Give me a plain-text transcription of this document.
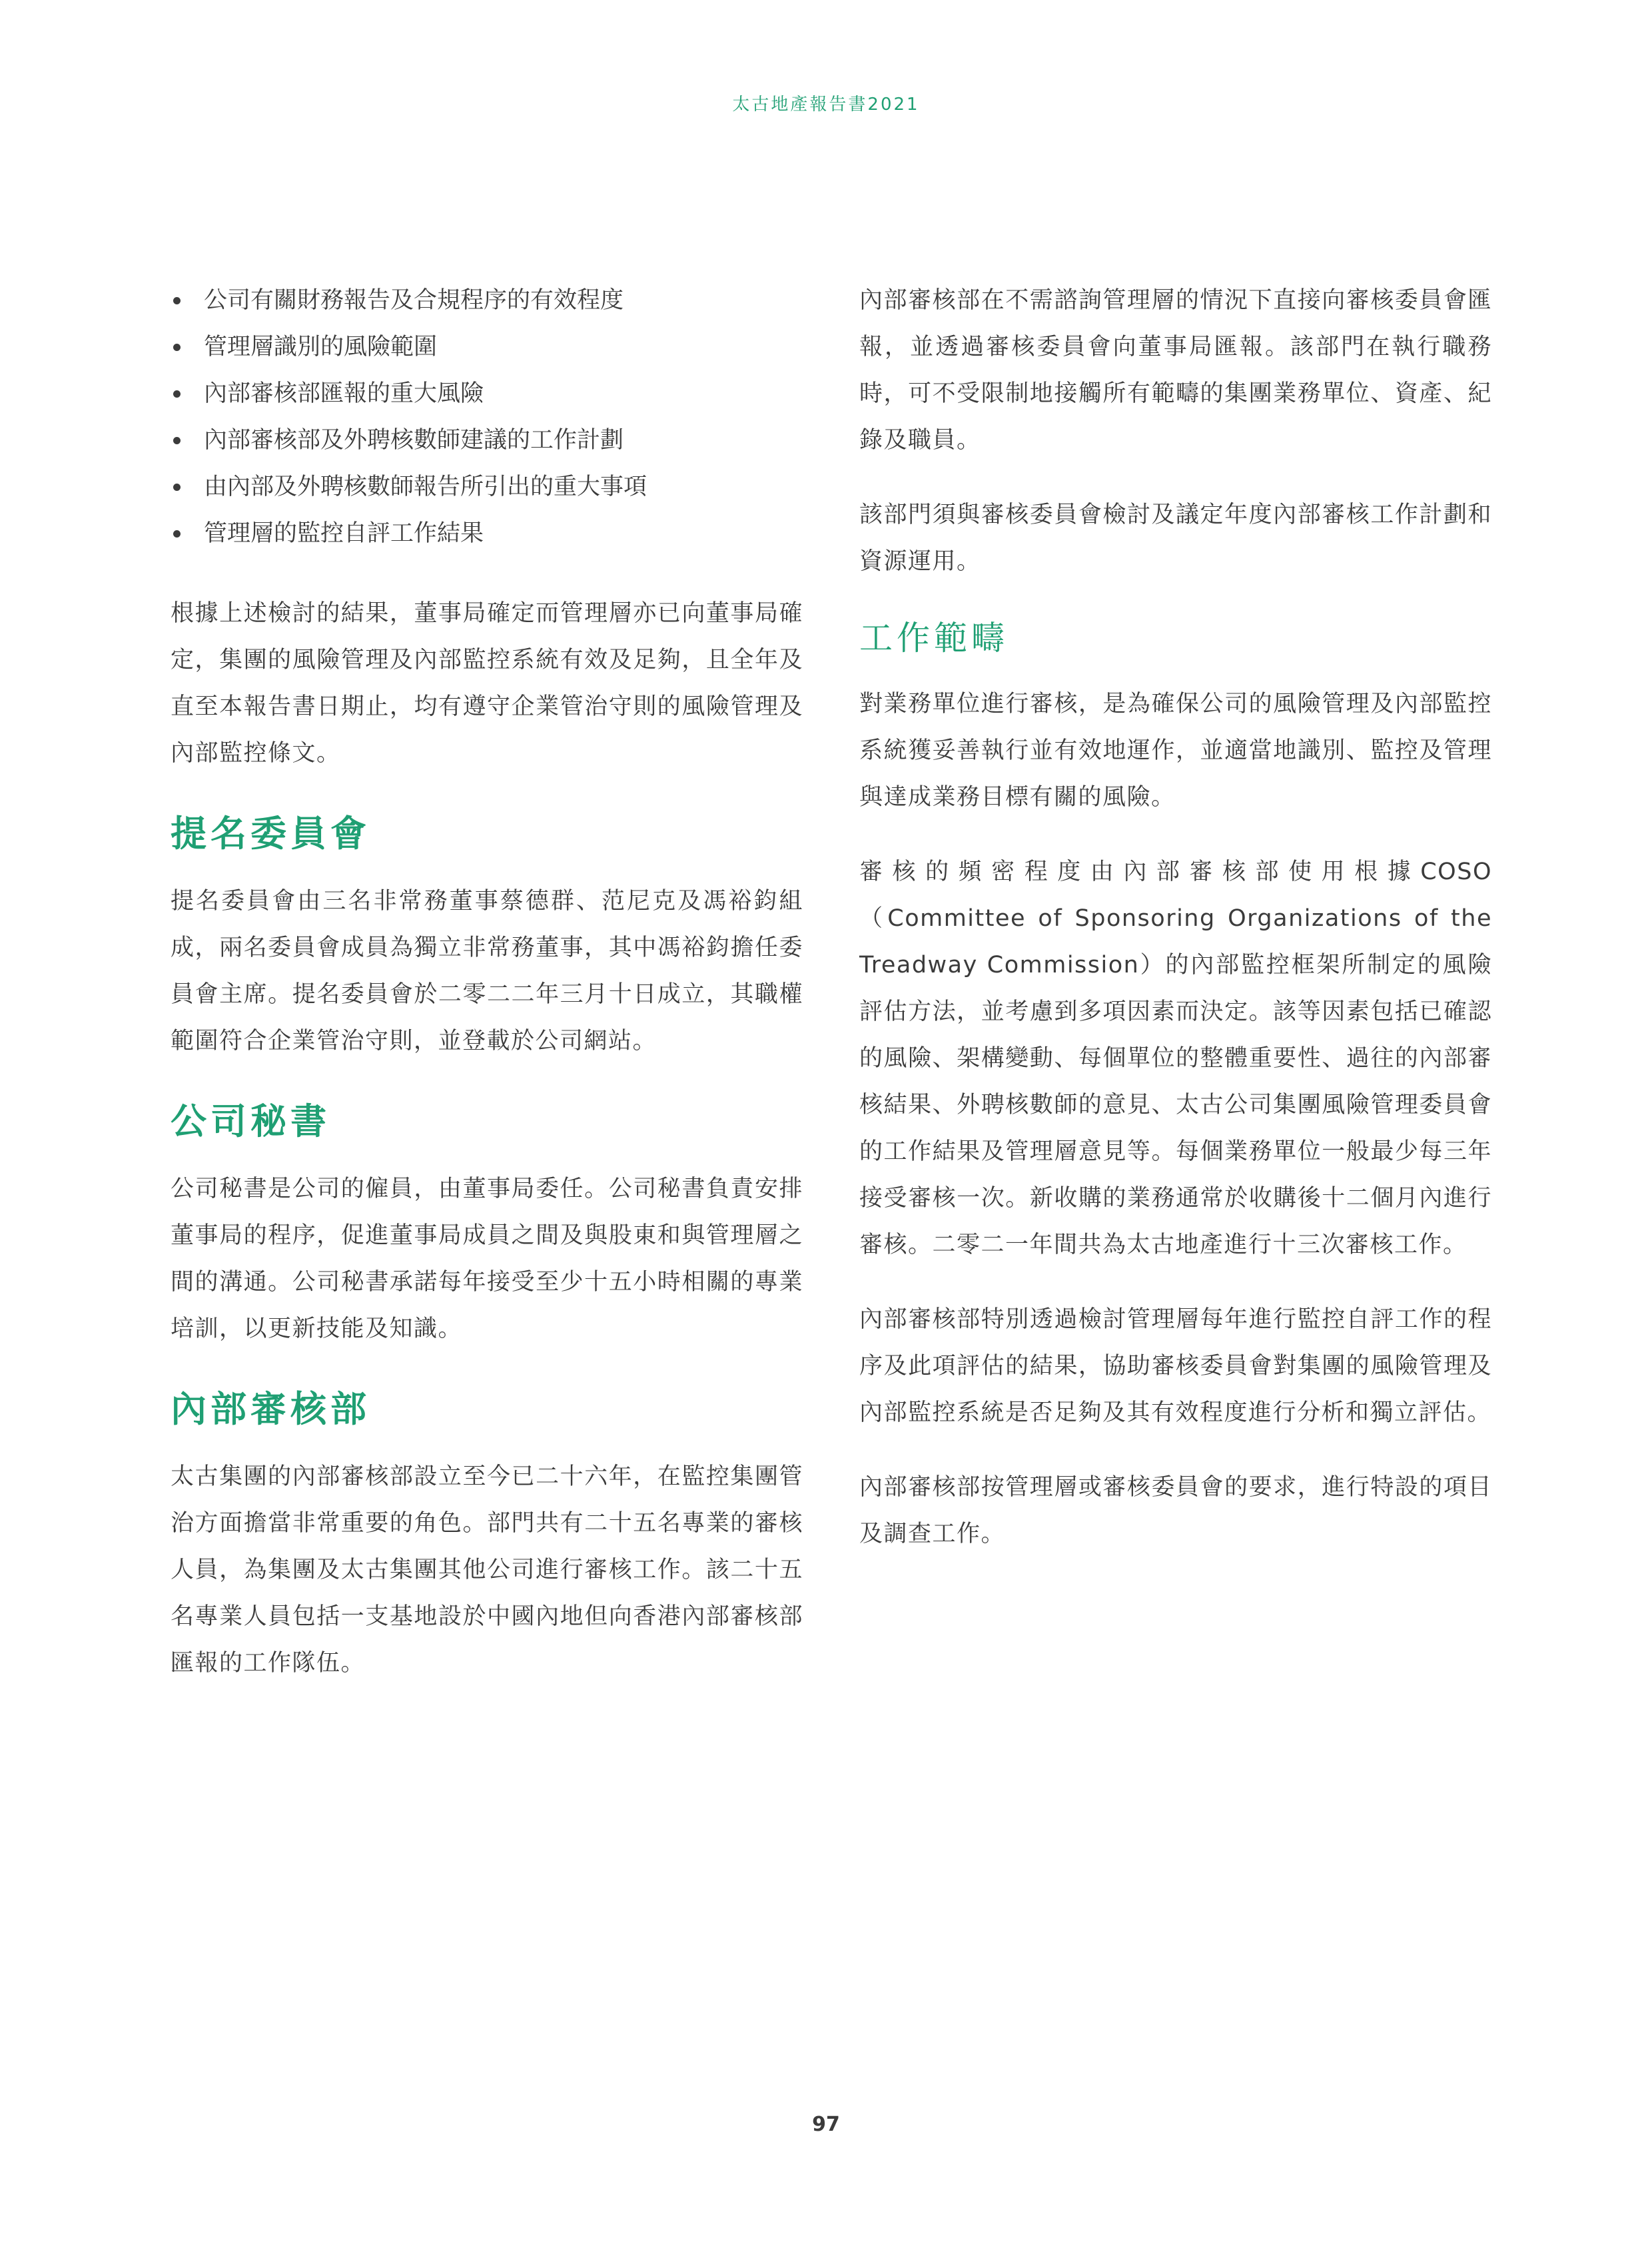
太古地產報告書2021
公司有關財務報告及合規程序的有效程度
管理層識別的風險範圍
內部審核部匯報的重大風險
內部審核部及外聘核數師建議的工作計劃
由內部及外聘核數師報告所引出的重大事項
管理層的監控自評工作結果

根據上述檢討的結果，董事局確定而管理層亦已向董事局確定，集團的風險管理及內部監控系統有效及足夠，且全年及直至本報告書日期止，均有遵守企業管治守則的風險管理及內部監控條文。

提名委員會

提名委員會由三名非常務董事蔡德群、范尼克及馮裕鈞組成，兩名委員會成員為獨立非常務董事，其中馮裕鈞擔任委員會主席。提名委員會於二零二二年三月十日成立，其職權範圍符合企業管治守則，並登載於公司網站。

公司秘書

公司秘書是公司的僱員，由董事局委任。公司秘書負責安排董事局的程序，促進董事局成員之間及與股東和與管理層之間的溝通。公司秘書承諾每年接受至少十五小時相關的專業培訓，以更新技能及知識。

內部審核部

太古集團的內部審核部設立至今已二十六年，在監控集團管治方面擔當非常重要的角色。部門共有二十五名專業的審核人員，為集團及太古集團其他公司進行審核工作。該二十五名專業人員包括一支基地設於中國內地但向香港內部審核部匯報的工作隊伍。

內部審核部在不需諮詢管理層的情況下直接向審核委員會匯報，並透過審核委員會向董事局匯報。該部門在執行職務時，可不受限制地接觸所有範疇的集團業務單位、資產、紀錄及職員。

該部門須與審核委員會檢討及議定年度內部審核工作計劃和資源運用。

工作範疇

對業務單位進行審核，是為確保公司的風險管理及內部監控系統獲妥善執行並有效地運作，並適當地識別、監控及管理與達成業務目標有關的風險。

審核的頻密程度由內部審核部使用根據COSO（Committee of Sponsoring Organizations of the Treadway Commission）的內部監控框架所制定的風險評估方法，並考慮到多項因素而決定。該等因素包括已確認的風險、架構變動、每個單位的整體重要性、過往的內部審核結果、外聘核數師的意見、太古公司集團風險管理委員會的工作結果及管理層意見等。每個業務單位一般最少每三年接受審核一次。新收購的業務通常於收購後十二個月內進行審核。二零二一年間共為太古地產進行十三次審核工作。

內部審核部特別透過檢討管理層每年進行監控自評工作的程序及此項評估的結果，協助審核委員會對集團的風險管理及內部監控系統是否足夠及其有效程度進行分析和獨立評估。

內部審核部按管理層或審核委員會的要求，進行特設的項目及調查工作。

97
